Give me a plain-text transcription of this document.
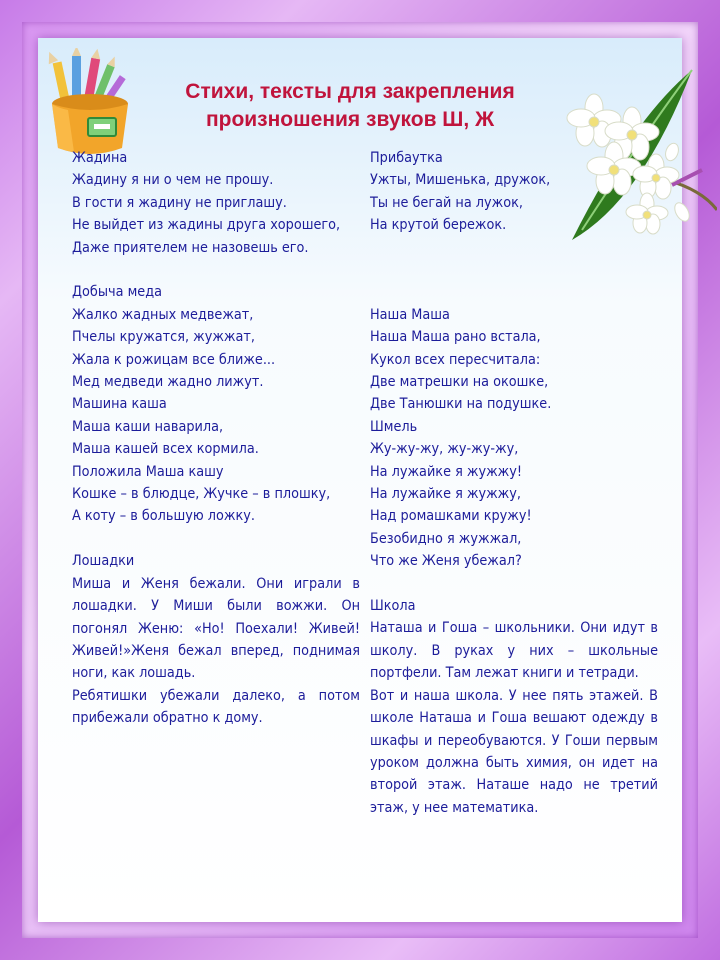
Стихи, тексты для закрепления
произношения звуков Ш, Ж
Жадина
Жадину я ни о чем не прошу.
В гости я жадину не приглашу.
Не выйдет из жадины друга хорошего,
Даже приятелем не назовешь его.
Добыча меда
Жалко жадных медвежат,
Пчелы кружатся, жужжат,
Жала к рожицам все ближе...
Мед медведи жадно лижут.
Машина каша
Маша каши наварила,
Маша кашей всех кормила.
Положила Маша кашу
Кошке – в блюдце, Жучке – в плошку,
А коту – в большую ложку.
Лошадки
Миша и Женя бежали. Они играли в лошадки. У Миши были вожжи. Он погонял Женю: «Но! Поехали! Живей! Живей!»Женя бежал вперед, поднимая ноги, как лошадь.
Ребятишки убежали далеко, а потом прибежали обратно к дому.
Прибаутка
Ужты, Мишенька, дружок,
Ты не бегай на лужок,
На крутой бережок.
Наша Маша
Наша Маша рано встала,
Кукол всех пересчитала:
Две матрешки на окошке,
Две Танюшки на подушке.
Шмель
Жу-жу-жу, жу-жу-жу,
На лужайке я жужжу!
На лужайке я жужжу,
Над ромашками кружу!
Безобидно я жужжал,
Что же Женя убежал?
Школа
Наташа и Гоша – школьники. Они идут в школу. В руках у них – школьные портфели. Там лежат книги и тетради.
Вот и наша школа. У нее пять этажей. В школе Наташа и Гоша вешают одежду в шкафы и переобуваются. У Гоши первым уроком должна быть химия, он идет на второй этаж. Наташе надо не третий этаж, у нее математика.
